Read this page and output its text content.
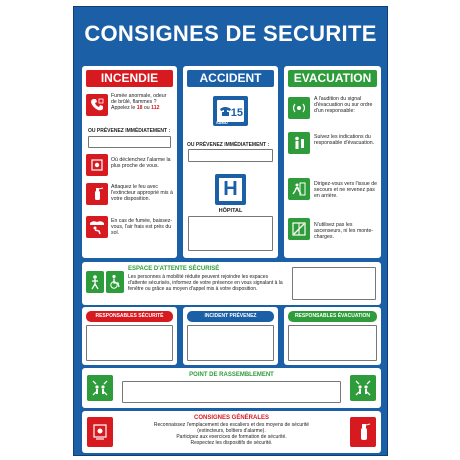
CONSIGNES DE SECURITE
INCENDIE
Fumée anormale, odeur de brûlé, flammes ? Appelez le 18 ou 112
OU PRÉVENEZ IMMÉDIATEMENT :
Où déclenchez l'alarme la plus proche de vous.
Attaquez le feu avec l'extincteur approprié mis à votre disposition.
En cas de fumée, baissez-vous, l'air frais est près du sol.
ACCIDENT
15
SAMU
OU PRÉVENEZ IMMÉDIATEMENT :
H
HÔPITAL
EVACUATION
A l'audition du signal d'évacuation ou sur ordre d'un responsable:
Suivez les indications du responsable d'évacuation.
Dirigez-vous vers l'issue de secours et ne revenez pas en arrière.
N'utilisez pas les ascenseurs, ni les monte-charges.
ESPACE D'ATTENTE SÉCURISÉ
Les personnes à mobilité réduite peuvent rejoindre les espaces d'attente sécurisés, informez de votre présence en vous signalant à la fenêtre ou grâce au moyen d'appel mis à votre disposition.
RESPONSABLES SÉCURITÉ	INCIDENT PRÉVENEZ	RESPONSABLES ÉVACUATION
POINT DE RASSEMBLEMENT
CONSIGNES GÉNÉRALES
Reconnaissez l'emplacement des escaliers et des moyens de sécurité
(extincteurs, boîtiers d'alarme).
Participez aux exercices de formation de sécurité.
Respectez les dispositifs de sécurité.
